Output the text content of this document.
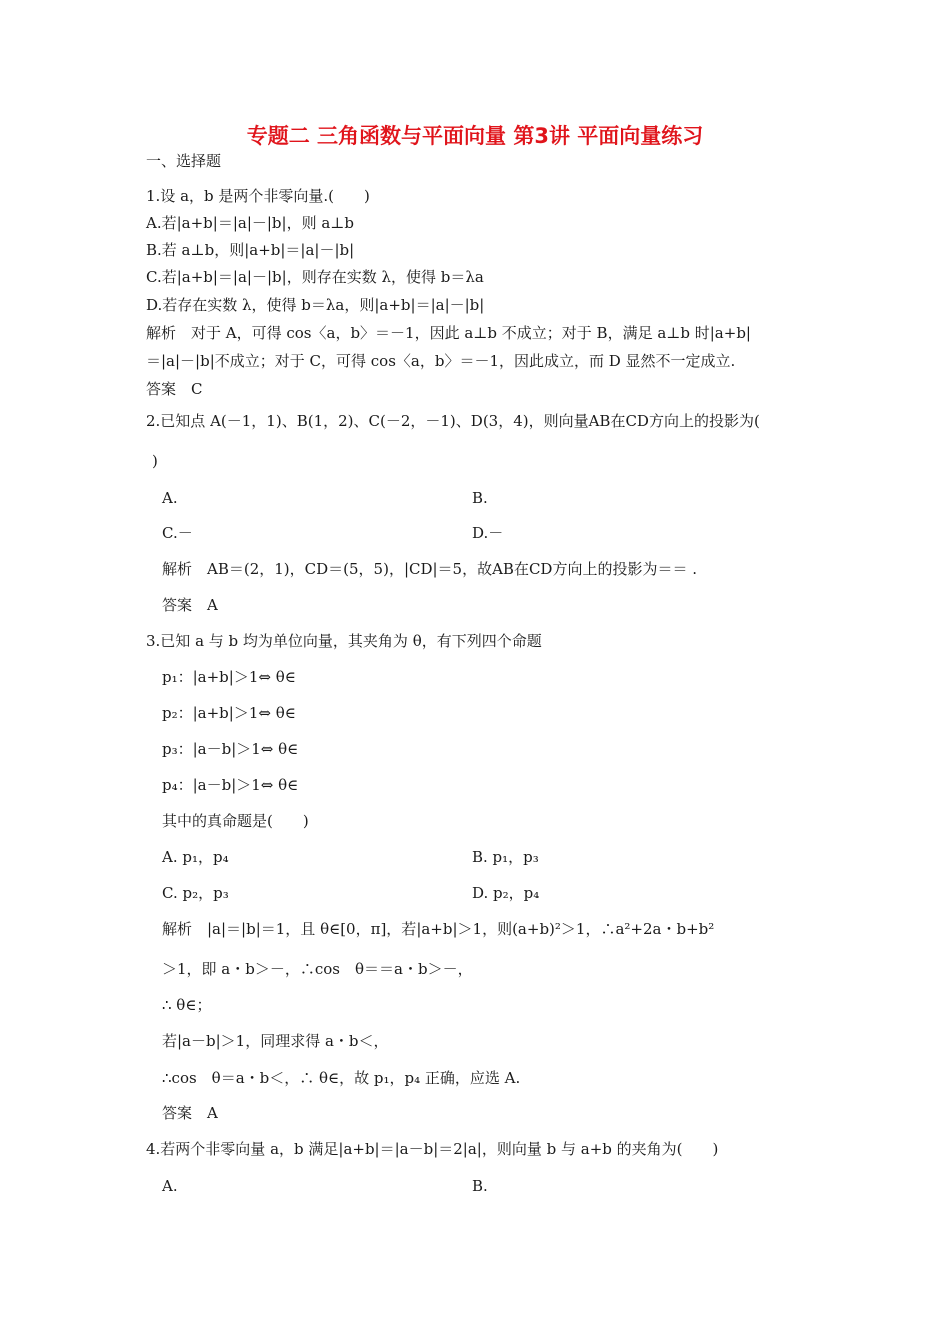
专题二 三角函数与平面向量 第3讲 平面向量练习
一、选择题
1.设 a，b 是两个非零向量.(　　)
A.若|a+b|＝|a|－|b|，则 a⊥b
B.若 a⊥b，则|a+b|＝|a|－|b|
C.若|a+b|＝|a|－|b|，则存在实数 λ，使得 b＝λa
D.若存在实数 λ，使得 b＝λa，则|a+b|＝|a|－|b|
解析　对于 A，可得 cos〈a，b〉＝－1，因此 a⊥b 不成立；对于 B，满足 a⊥b 时|a+b|
＝|a|－|b|不成立；对于 C，可得 cos〈a，b〉＝－1，因此成立，而 D 显然不一定成立.
答案　C
2.已知点 A(－1，1)、B(1，2)、C(－2，－1)、D(3，4)，则向量AB在CD方向上的投影为(
)
A.	B.
C.－	D.－
解析　AB＝(2，1)，CD＝(5，5)，|CD|＝5，故AB在CD方向上的投影为＝＝ .
答案　A
3.已知 a 与 b 均为单位向量，其夹角为 θ，有下列四个命题
p₁：|a+b|＞1⇔ θ∈
p₂：|a+b|＞1⇔ θ∈
p₃：|a－b|＞1⇔ θ∈
p₄：|a－b|＞1⇔ θ∈
其中的真命题是(　　)
A. p₁，p₄	B. p₁，p₃
C. p₂，p₃	D. p₂，p₄
解析　|a|＝|b|＝1，且 θ∈[0，π]，若|a+b|＞1，则(a+b)²＞1，∴a²+2a・b+b²
＞1，即 a・b＞－，∴cos　θ＝＝a・b＞－，
∴ θ∈；
若|a－b|＞1，同理求得 a・b＜，
∴cos　θ＝a・b＜，∴ θ∈，故 p₁，p₄ 正确，应选 A.
答案　A
4.若两个非零向量 a，b 满足|a+b|＝|a－b|＝2|a|，则向量 b 与 a+b 的夹角为(　　)
A.	B.
